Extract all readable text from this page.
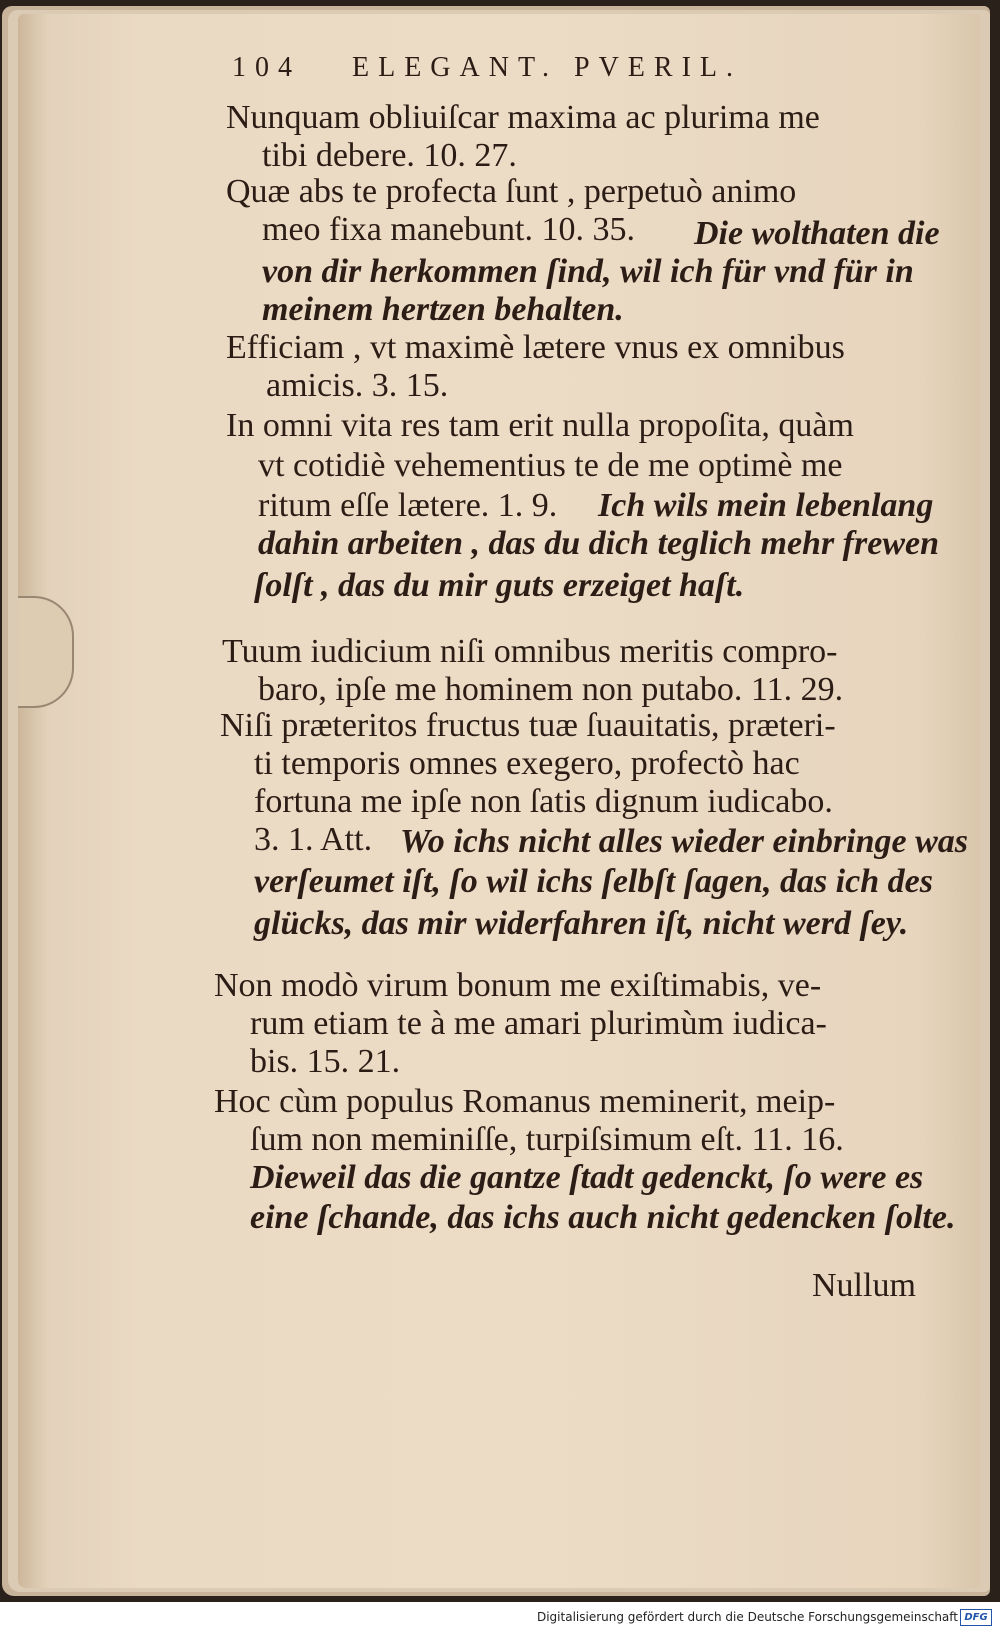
104 ELEGANT. PVERIL.
Nunquam obliuiſcar maxima ac plurima me
tibi debere. 10. 27.
Quæ abs te profecta ſunt , perpetuò animo
meo fixa manebunt. 10. 35. Die wolthaten die
von dir herkommen ſind, wil ich für vnd für in
meinem hertzen behalten.
Efficiam , vt maximè lætere vnus ex omnibus
amicis. 3. 15.
In omni vita res tam erit nulla propoſita, quàm
vt cotidiè vehementius te de me optimè me
ritum eſſe lætere. 1. 9. Ich wils mein lebenlang
dahin arbeiten , das du dich teglich mehr frewen
ſolſt , das du mir guts erzeiget haſt.
Tuum iudicium niſi omnibus meritis compro-
baro, ipſe me hominem non putabo. 11. 29.
Niſi præteritos fructus tuæ ſuauitatis, præteri-
ti temporis omnes exegero, profectò hac
fortuna me ipſe non ſatis dignum iudicabo.
3. 1. Att. Wo ichs nicht alles wieder einbringe was
verſeumet iſt, ſo wil ichs ſelbſt ſagen, das ich des
glücks, das mir widerfahren iſt, nicht werd ſey.
Non modò virum bonum me exiſtimabis, ve-
rum etiam te à me amari plurimùm iudica-
bis. 15. 21.
Hoc cùm populus Romanus meminerit, meip-
ſum non meminiſſe, turpiſsimum eſt. 11. 16.
Dieweil das die gantze ſtadt gedenckt, ſo were es
eine ſchande, das ichs auch nicht gedencken ſolte.
Nullum
Digitalisierung gefördert durch die Deutsche Forschungsgemeinschaft DFG
